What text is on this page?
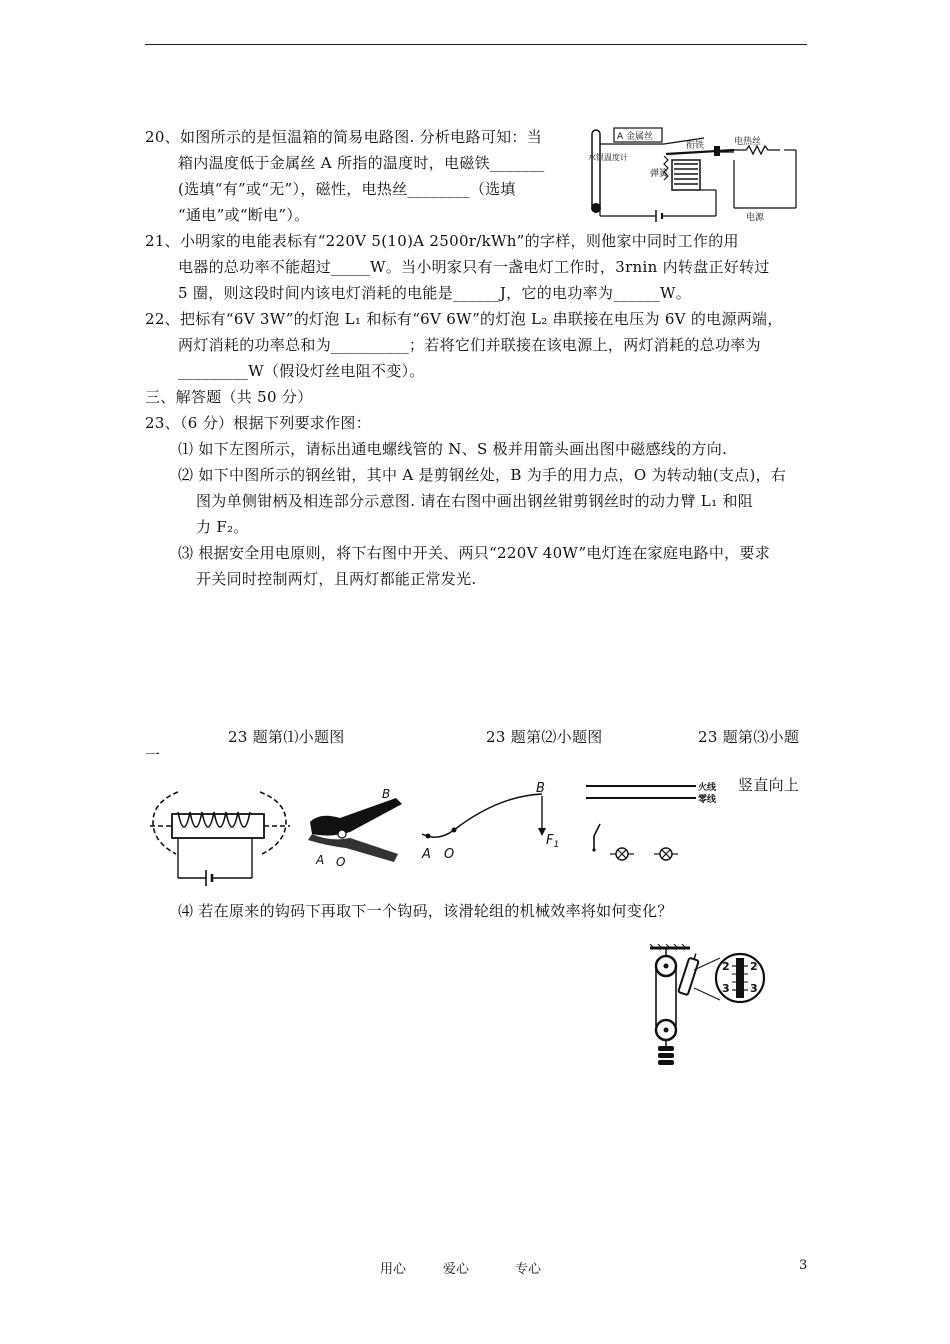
20、如图所示的是恒温箱的简易电路图. 分析电路可知：当
箱内温度低于金属丝 A 所指的温度时，电磁铁_______
(选填“有”或“无”），磁性，电热丝________（选填
“通电”或“断电”）。
水银温度计
A 金属丝
弹簧
衔铁	电热丝
电源
21、小明家的电能表标有“220V 5(10)A 2500r/kWh”的字样，则他家中同时工作的用
电器的总功率不能超过_____W。当小明家只有一盏电灯工作时，3rnin 内转盘正好转过
5 圈，则这段时间内该电灯消耗的电能是______J，它的电功率为______W。
22、把标有“6V 3W”的灯泡 L₁ 和标有“6V 6W”的灯泡 L₂ 串联接在电压为 6V 的电源两端，
两灯消耗的功率总和为__________；若将它们并联接在该电源上，两灯消耗的总功率为
_________W（假设灯丝电阻不变）。
三、解答题（共 50 分）
23、（6 分）根据下列要求作图：
⑴ 如下左图所示，请标出通电螺线管的 N、S 极并用箭头画出图中磁感线的方向.
⑵ 如下中图所示的钢丝钳，其中 A 是剪钢丝处，B 为手的用力点，O 为转动轴(支点)，右
图为单侧钳柄及相连部分示意图. 请在右图中画出钢丝钳剪钢丝时的动力臂 L₁ 和阻
力 F₂。
⑶ 根据安全用电原则，将下右图中开关、两只“220V 40W”电灯连在家庭电路中，要求
开关同时控制两灯，且两灯都能正常发光.
23 题第⑴小题图	23 题第⑵小题图	23 题第⑶小题
一
竖直向上
B
A O
B
$F_1$
A O
火线
零线
⑷ 若在原来的钩码下再取下一个钩码，该滑轮组的机械效率将如何变化？
2 2
3 3
用心	爱心	专心	3
